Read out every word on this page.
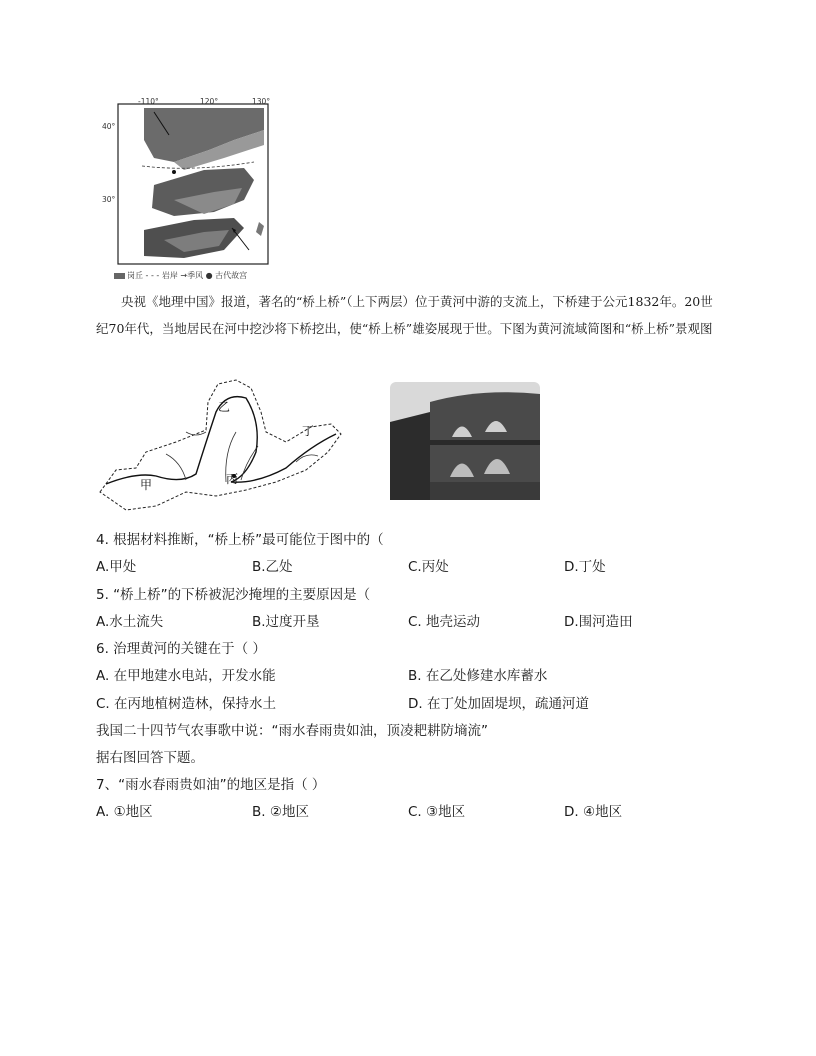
-110°	120°	130°
40°
30°
岗丘 - - - 岩岸 →季风 ● 古代故宫
央视《地理中国》报道，著名的“桥上桥”（上下两层）位于黄河中游的支流上，下桥建于公元1832年。20世纪70年代，当地居民在河中挖沙将下桥挖出，使“桥上桥”雄姿展现于世。下图为黄河流域简图和“桥上桥”景观图
乙
丁
甲	丙
4. 根据材料推断，“桥上桥”最可能位于图中的（
A.甲处	B.乙处	C.丙处	D.丁处
5. “桥上桥”的下桥被泥沙掩埋的主要原因是（
A.水土流失	B.过度开垦	C. 地壳运动	D.围河造田
6. 治理黄河的关键在于（ ）
A. 在甲地建水电站，开发水能	B. 在乙处修建水库蓄水
C. 在丙地植树造林，保持水土	D. 在丁处加固堤坝，疏通河道
我国二十四节气农事歌中说：“雨水春雨贵如油，顶凌耙耕防墒流”
据右图回答下题。
7、“雨水春雨贵如油”的地区是指（ ）
A. ①地区	B. ②地区	C. ③地区	D. ④地区
